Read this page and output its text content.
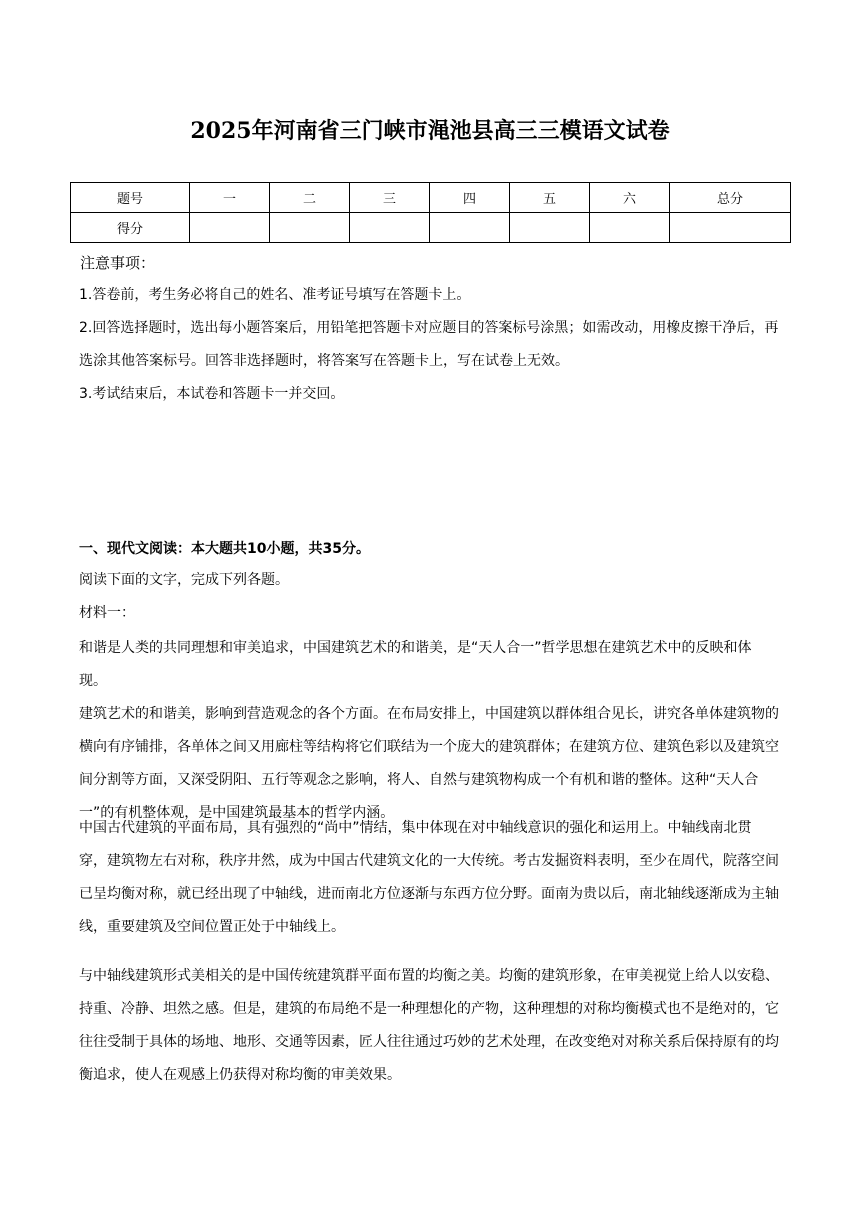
2025年河南省三门峡市渑池县高三三模语文试卷
题号	一	二	三	四	五	六	总分
得分							
注意事项：
1.答卷前，考生务必将自己的姓名、准考证号填写在答题卡上。
2.回答选择题时，选出每小题答案后，用铅笔把答题卡对应题目的答案标号涂黑；如需改动，用橡皮擦干净后，再选涂其他答案标号。回答非选择题时，将答案写在答题卡上，写在试卷上无效。
3.考试结束后，本试卷和答题卡一并交回。
一、现代文阅读：本大题共10小题，共35分。
阅读下面的文字，完成下列各题。
材料一：
和谐是人类的共同理想和审美追求，中国建筑艺术的和谐美，是“天人合一”哲学思想在建筑艺术中的反映和体现。
建筑艺术的和谐美，影响到营造观念的各个方面。在布局安排上，中国建筑以群体组合见长，讲究各单体建筑物的横向有序铺排，各单体之间又用廊柱等结构将它们联结为一个庞大的建筑群体；在建筑方位、建筑色彩以及建筑空间分割等方面，又深受阴阳、五行等观念之影响，将人、自然与建筑物构成一个有机和谐的整体。这种“天人合一”的有机整体观，是中国建筑最基本的哲学内涵。
中国古代建筑的平面布局，具有强烈的“尚中”情结，集中体现在对中轴线意识的强化和运用上。中轴线南北贯穿，建筑物左右对称，秩序井然，成为中国古代建筑文化的一大传统。考古发掘资料表明，至少在周代，院落空间已呈均衡对称，就已经出现了中轴线，进而南北方位逐渐与东西方位分野。面南为贵以后，南北轴线逐渐成为主轴线，重要建筑及空间位置正处于中轴线上。
与中轴线建筑形式美相关的是中国传统建筑群平面布置的均衡之美。均衡的建筑形象，在审美视觉上给人以安稳、持重、冷静、坦然之感。但是，建筑的布局绝不是一种理想化的产物，这种理想的对称均衡模式也不是绝对的，它往往受制于具体的场地、地形、交通等因素，匠人往往通过巧妙的艺术处理，在改变绝对对称关系后保持原有的均衡追求，使人在观感上仍获得对称均衡的审美效果。
